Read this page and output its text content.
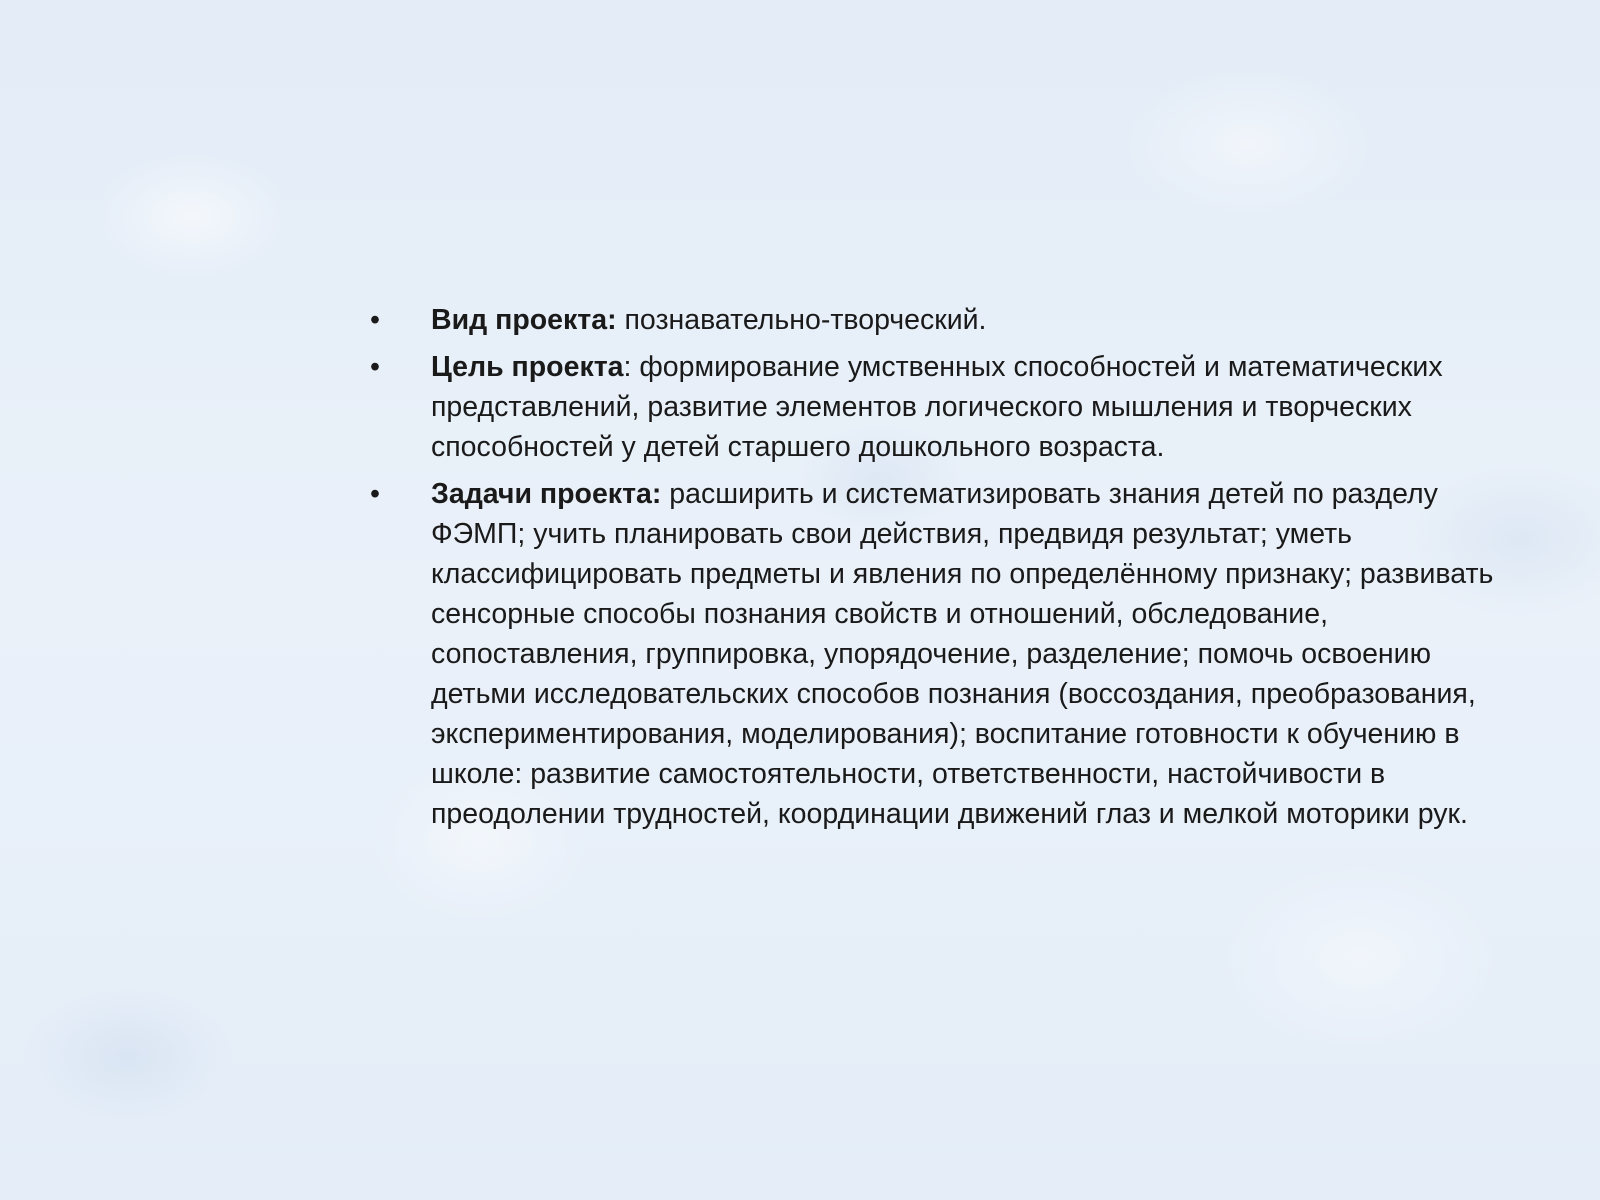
• Вид проекта: познавательно-творческий.
• Цель проекта: формирование умственных способностей и математических представлений, развитие элементов логического мышления и творческих способностей у детей старшего дошкольного возраста.
• Задачи проекта: расширить и систематизировать знания детей по разделу ФЭМП; учить планировать свои действия, предвидя результат; уметь классифицировать предметы и явления по определённому признаку; развивать сенсорные способы познания свойств и отношений, обследование, сопоставления, группировка, упорядочение, разделение; помочь освоению детьми исследовательских способов познания (воссоздания, преобразования, экспериментирования, моделирования); воспитание готовности к обучению в школе: развитие самостоятельности, ответственности, настойчивости в преодолении трудностей, координации движений глаз и мелкой моторики рук.
